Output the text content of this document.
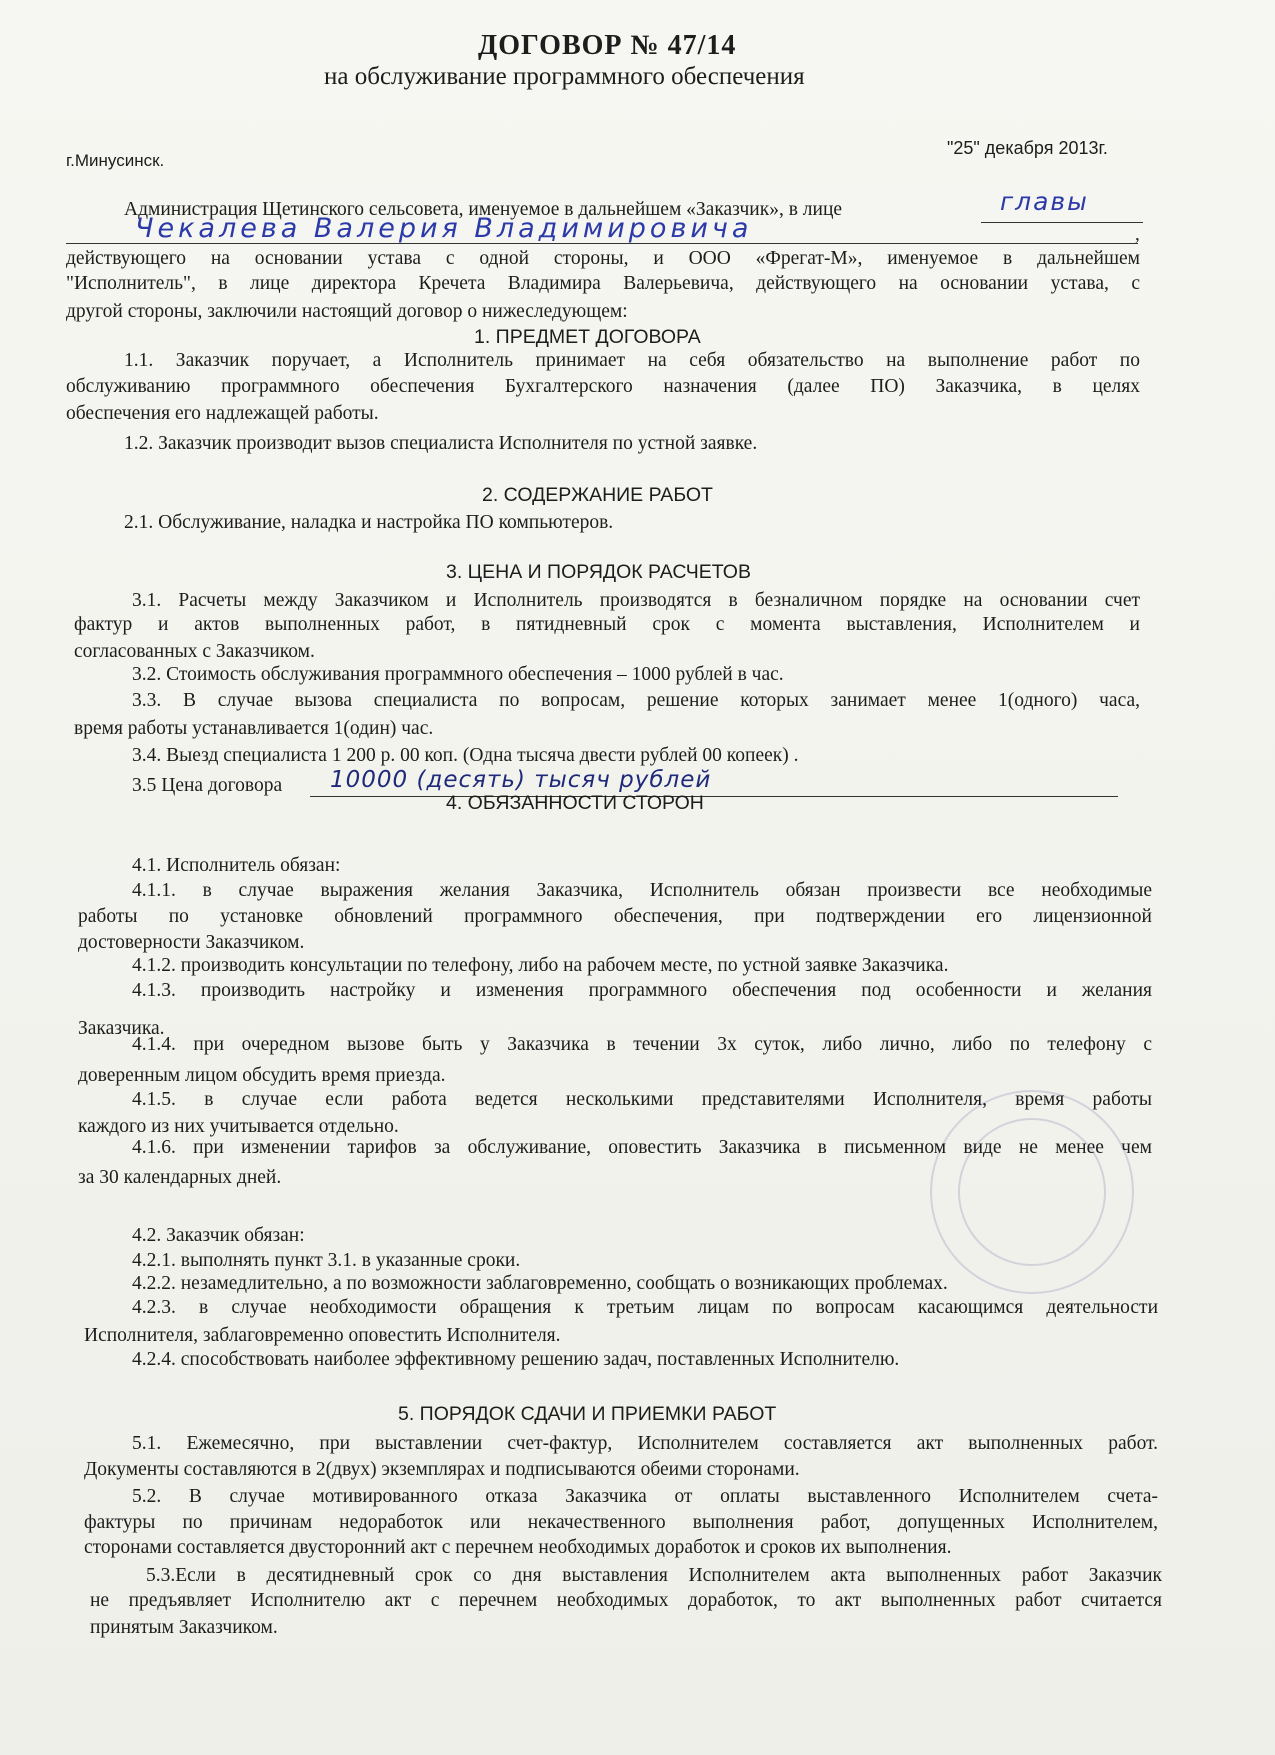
ДОГОВОР № 47/14
на обслуживание программного обеспечения
г.Минусинск.
"25" декабря 2013г.
Администрация Щетинского сельсовета, именуемое в дальнейшем «Заказчик», в лице	главы
Чекалева Валерия Владимировича	,
действующего на основании устава с одной стороны, и ООО «Фрегат-М», именуемое в дальнейшем
"Исполнитель", в лице директора Кречета Владимира Валерьевича, действующего на основании устава, с
другой стороны, заключили настоящий договор о нижеследующем:
1. ПРЕДМЕТ ДОГОВОРА
1.1. Заказчик поручает, а Исполнитель принимает на себя обязательство на выполнение работ по
обслуживанию программного обеспечения Бухгалтерского назначения (далее ПО) Заказчика, в целях
обеспечения его надлежащей работы.
1.2. Заказчик производит вызов специалиста Исполнителя по устной заявке.
2. СОДЕРЖАНИЕ РАБОТ
2.1. Обслуживание, наладка и настройка ПО компьютеров.
3. ЦЕНА И ПОРЯДОК РАСЧЕТОВ
3.1. Расчеты между Заказчиком и Исполнитель производятся в безналичном порядке на основании счет
фактур и актов выполненных работ, в пятидневный срок с момента выставления, Исполнителем и
согласованных с Заказчиком.
3.2. Стоимость обслуживания программного обеспечения – 1000 рублей в час.
3.3. В случае вызова специалиста по вопросам, решение которых занимает менее 1(одного) часа,
время работы устанавливается 1(один) час.
3.4. Выезд специалиста 1 200 р. 00 коп. (Одна тысяча двести рублей 00 копеек) .
3.5 Цена договора 10000 (десять) тысяч рублей
4. ОБЯЗАННОСТИ СТОРОН
4.1. Исполнитель обязан:
4.1.1. в случае выражения желания Заказчика, Исполнитель обязан произвести все необходимые
работы по установке обновлений программного обеспечения, при подтверждении его лицензионной
достоверности Заказчиком.
4.1.2. производить консультации по телефону, либо на рабочем месте, по устной заявке Заказчика.
4.1.3. производить настройку и изменения программного обеспечения под особенности и желания
Заказчика.
4.1.4. при очередном вызове быть у Заказчика в течении 3х суток, либо лично, либо по телефону с
доверенным лицом обсудить время приезда.
4.1.5. в случае если работа ведется несколькими представителями Исполнителя, время работы
каждого из них учитывается отдельно.
4.1.6. при изменении тарифов за обслуживание, оповестить Заказчика в письменном виде не менее чем
за 30 календарных дней.
4.2. Заказчик обязан:
4.2.1. выполнять пункт 3.1. в указанные сроки.
4.2.2. незамедлительно, а по возможности заблаговременно, сообщать о возникающих проблемах.
4.2.3. в случае необходимости обращения к третьим лицам по вопросам касающимся деятельности
Исполнителя, заблаговременно оповестить Исполнителя.
4.2.4. способствовать наиболее эффективному решению задач, поставленных Исполнителю.
5. ПОРЯДОК СДАЧИ И ПРИЕМКИ РАБОТ
5.1. Ежемесячно, при выставлении счет-фактур, Исполнителем составляется акт выполненных работ.
Документы составляются в 2(двух) экземплярах и подписываются обеими сторонами.
5.2. В случае мотивированного отказа Заказчика от оплаты выставленного Исполнителем счета-
фактуры по причинам недоработок или некачественного выполнения работ, допущенных Исполнителем,
сторонами составляется двусторонний акт с перечнем необходимых доработок и сроков их выполнения.
5.3.Если в десятидневный срок со дня выставления Исполнителем акта выполненных работ Заказчик
не предъявляет Исполнителю акт с перечнем необходимых доработок, то акт выполненных работ считается
принятым Заказчиком.
